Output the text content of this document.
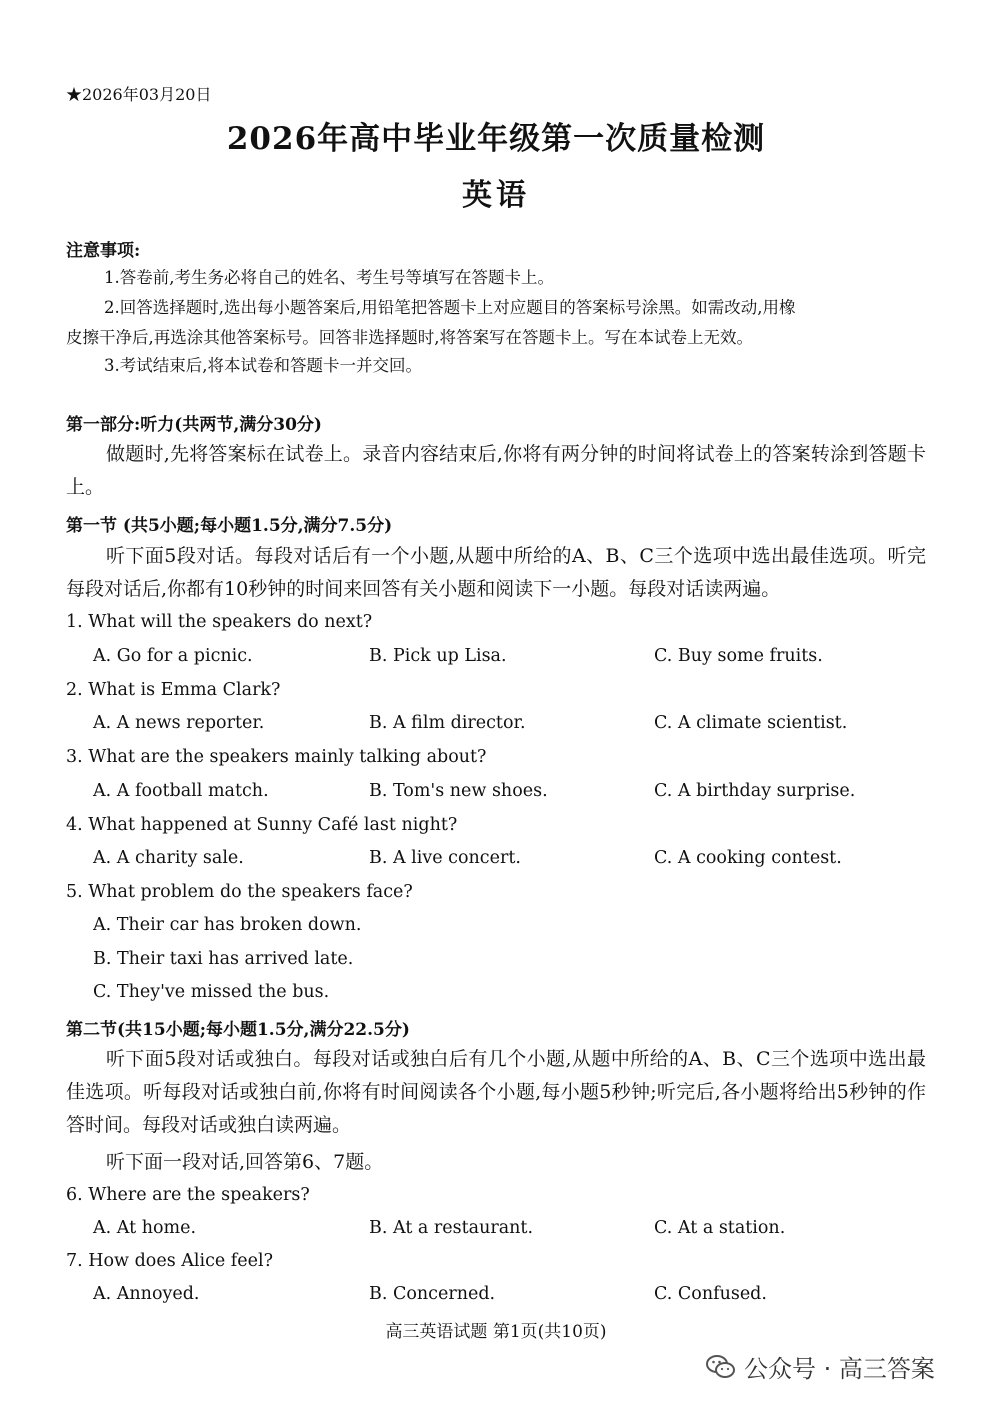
★2026年03月20日
2026年高中毕业年级第一次质量检测
英语
注意事项:
1.答卷前,考生务必将自己的姓名、考生号等填写在答题卡上。
2.回答选择题时,选出每小题答案后,用铅笔把答题卡上对应题目的答案标号涂黑。如需改动,用橡
皮擦干净后,再选涂其他答案标号。回答非选择题时,将答案写在答题卡上。写在本试卷上无效。
3.考试结束后,将本试卷和答题卡一并交回。
第一部分:听力(共两节,满分30分)
做题时,先将答案标在试卷上。录音内容结束后,你将有两分钟的时间将试卷上的答案转涂到答题卡上。
第一节 (共5小题;每小题1.5分,满分7.5分)
听下面5段对话。每段对话后有一个小题,从题中所给的A、B、C三个选项中选出最佳选项。听完每段对话后,你都有10秒钟的时间来回答有关小题和阅读下一小题。每段对话读两遍。
1. What will the speakers do next?
A. Go for a picnic.	B. Pick up Lisa.	C. Buy some fruits.
2. What is Emma Clark?
A. A news reporter.	B. A film director.	C. A climate scientist.
3. What are the speakers mainly talking about?
A. A football match.	B. Tom's new shoes.	C. A birthday surprise.
4. What happened at Sunny Café last night?
A. A charity sale.	B. A live concert.	C. A cooking contest.
5. What problem do the speakers face?
A. Their car has broken down.
B. Their taxi has arrived late.
C. They've missed the bus.
第二节(共15小题;每小题1.5分,满分22.5分)
听下面5段对话或独白。每段对话或独白后有几个小题,从题中所给的A、B、C三个选项中选出最佳选项。听每段对话或独白前,你将有时间阅读各个小题,每小题5秒钟;听完后,各小题将给出5秒钟的作答时间。每段对话或独白读两遍。
听下面一段对话,回答第6、7题。
6. Where are the speakers?
A. At home.	B. At a restaurant.	C. At a station.
7. How does Alice feel?
A. Annoyed.	B. Concerned.	C. Confused.
高三英语试题 第1页(共10页)
公众号 · 高三答案
